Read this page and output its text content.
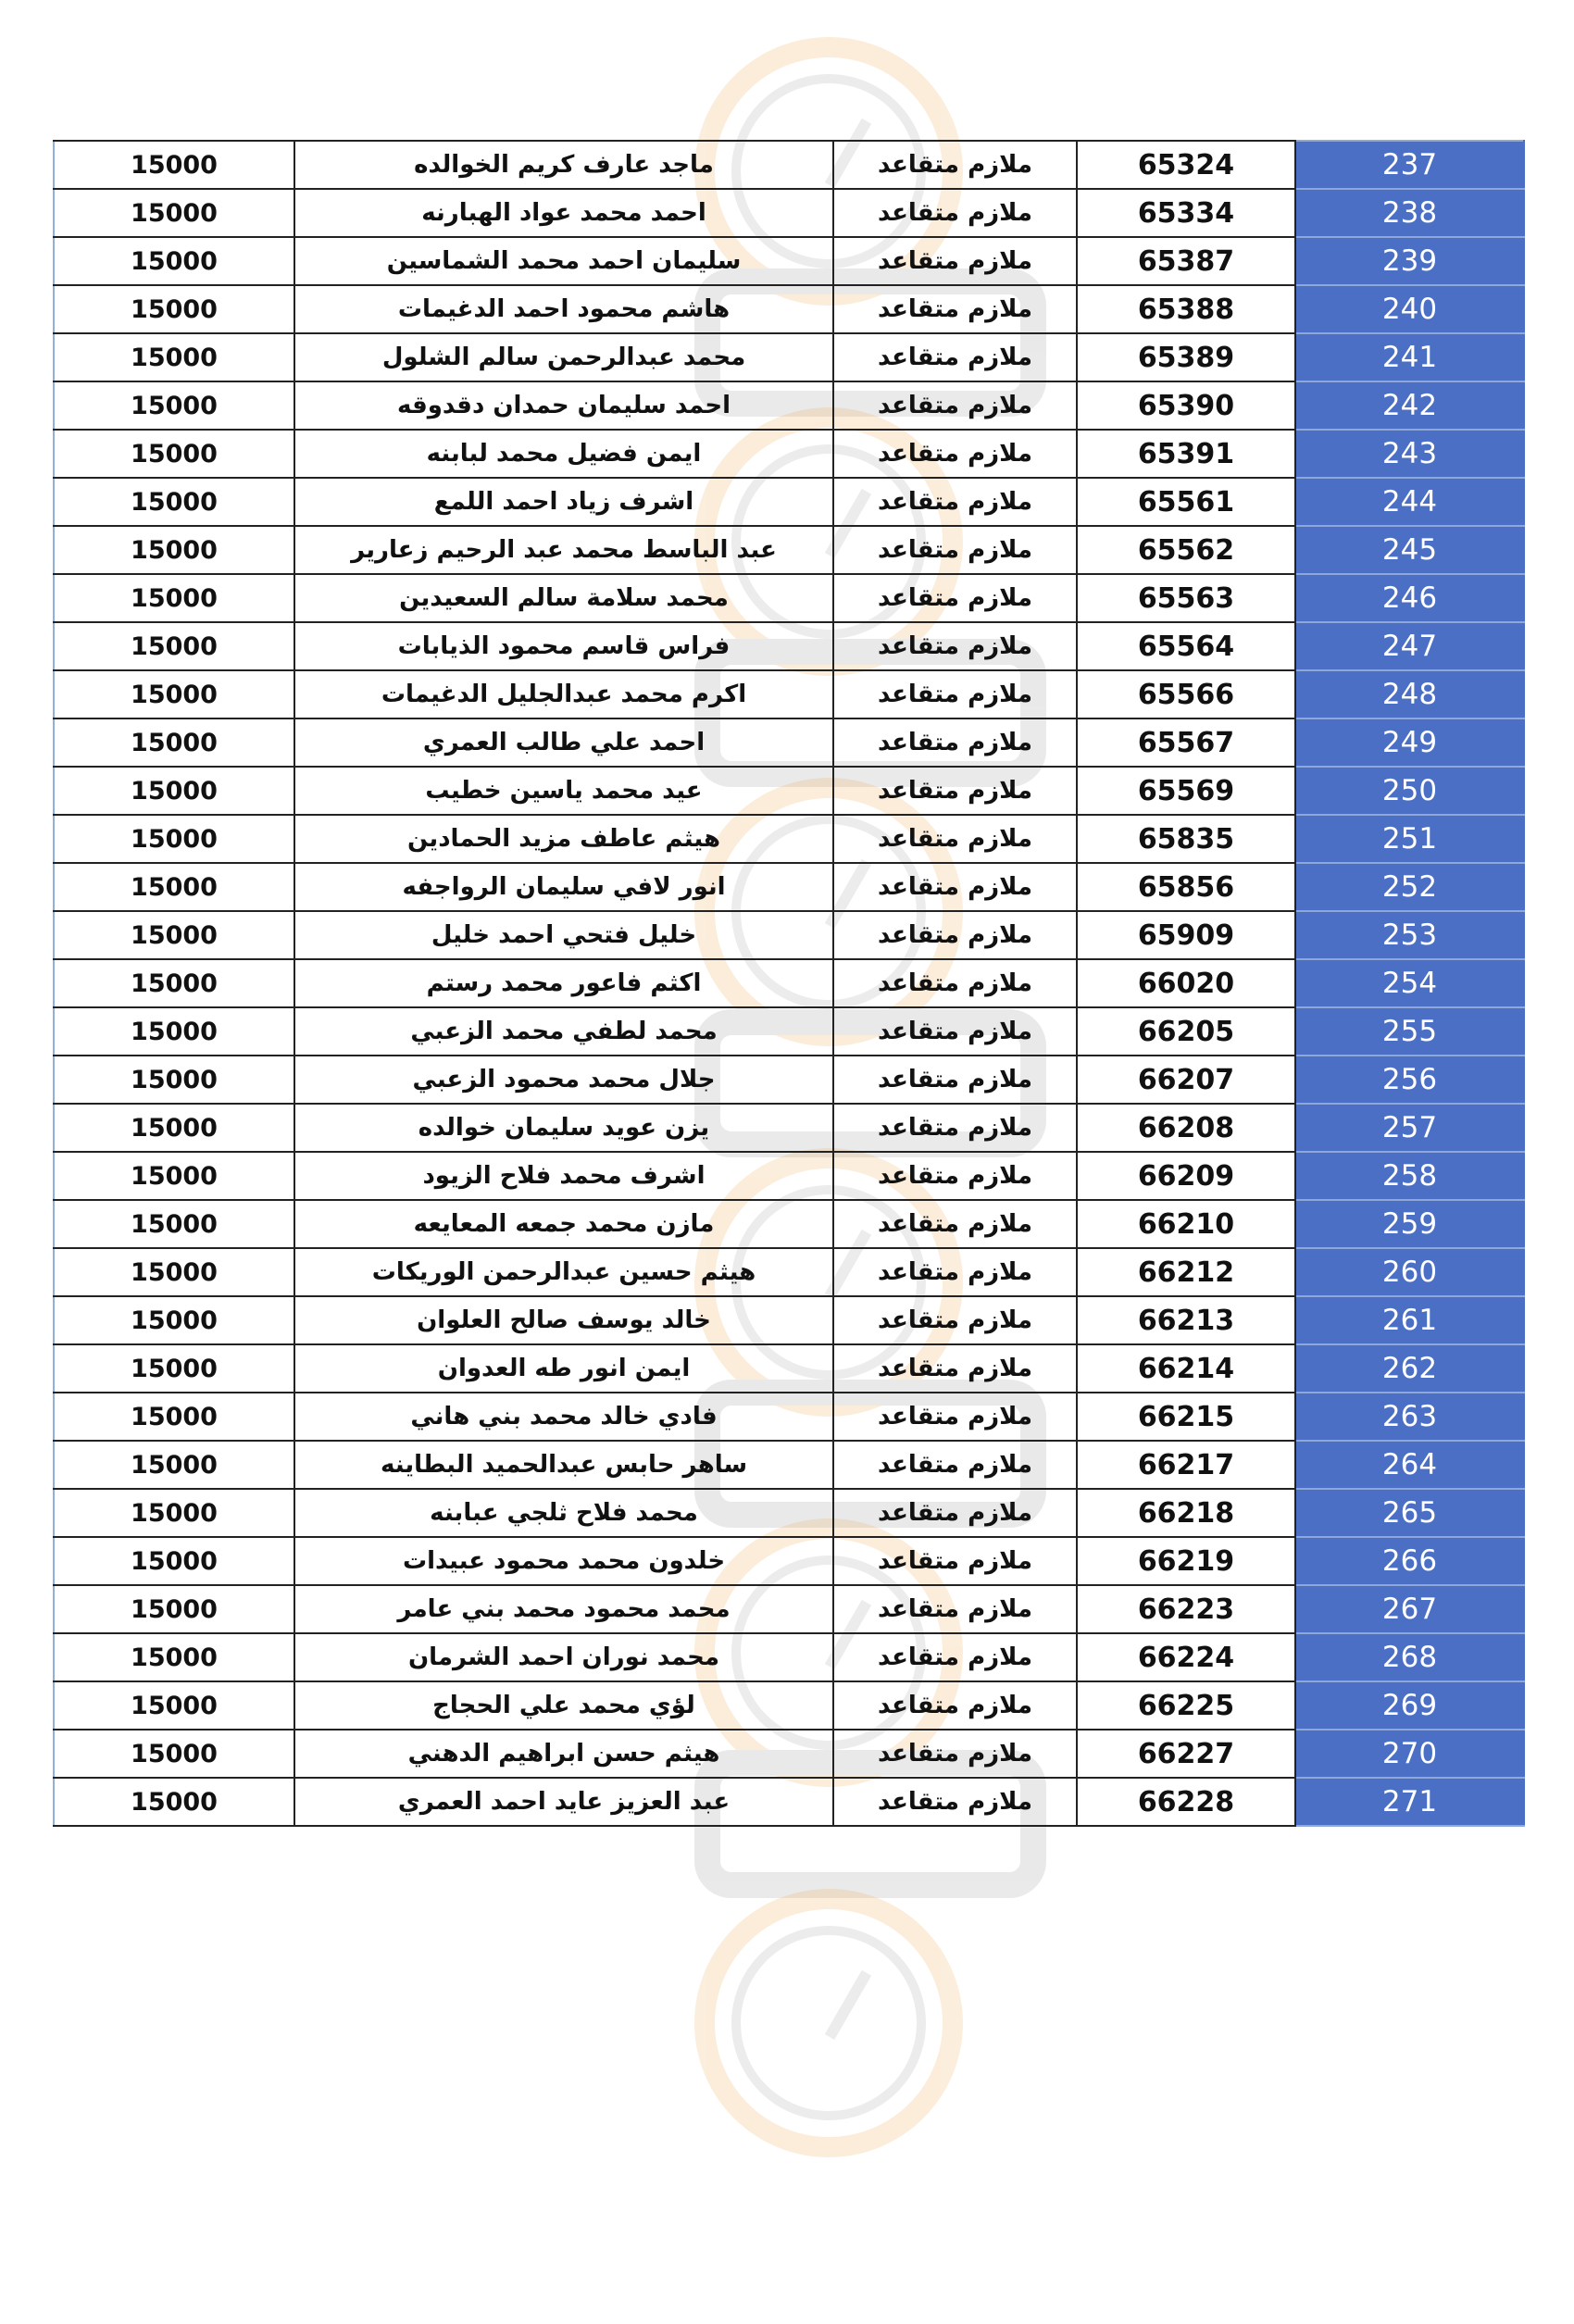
15000	ماجد عارف كريم الخوالده	ملازم متقاعد	65324	237
15000	احمد محمد عواد الهبارنه	ملازم متقاعد	65334	238
15000	سليمان احمد محمد الشماسين	ملازم متقاعد	65387	239
15000	هاشم محمود احمد الدغيمات	ملازم متقاعد	65388	240
15000	محمد عبدالرحمن سالم الشلول	ملازم متقاعد	65389	241
15000	احمد سليمان حمدان دقدوقه	ملازم متقاعد	65390	242
15000	ايمن فضيل محمد لبابنه	ملازم متقاعد	65391	243
15000	اشرف زياد احمد اللمع	ملازم متقاعد	65561	244
15000	عبد الباسط محمد عبد الرحيم زعارير	ملازم متقاعد	65562	245
15000	محمد سلامة سالم السعيدين	ملازم متقاعد	65563	246
15000	فراس قاسم محمود الذيابات	ملازم متقاعد	65564	247
15000	اكرم محمد عبدالجليل الدغيمات	ملازم متقاعد	65566	248
15000	احمد علي طالب العمري	ملازم متقاعد	65567	249
15000	عيد محمد ياسين خطيب	ملازم متقاعد	65569	250
15000	هيثم عاطف مزيد الحمادين	ملازم متقاعد	65835	251
15000	انور لافي سليمان الرواجفه	ملازم متقاعد	65856	252
15000	خليل فتحي احمد خليل	ملازم متقاعد	65909	253
15000	اكثم فاعور محمد رستم	ملازم متقاعد	66020	254
15000	محمد لطفي محمد الزعبي	ملازم متقاعد	66205	255
15000	جلال محمد محمود الزعبي	ملازم متقاعد	66207	256
15000	يزن عويد سليمان خوالده	ملازم متقاعد	66208	257
15000	اشرف محمد فلاح الزيود	ملازم متقاعد	66209	258
15000	مازن محمد جمعه المعايعه	ملازم متقاعد	66210	259
15000	هيثم حسين عبدالرحمن الوريكات	ملازم متقاعد	66212	260
15000	خالد يوسف صالح العلوان	ملازم متقاعد	66213	261
15000	ايمن انور طه العدوان	ملازم متقاعد	66214	262
15000	فادي خالد محمد بني هاني	ملازم متقاعد	66215	263
15000	ساهر حابس عبدالحميد البطاينه	ملازم متقاعد	66217	264
15000	محمد فلاح ثلجي عبابنه	ملازم متقاعد	66218	265
15000	خلدون محمد محمود عبيدات	ملازم متقاعد	66219	266
15000	محمد محمود محمد بني عامر	ملازم متقاعد	66223	267
15000	محمد نوران احمد الشرمان	ملازم متقاعد	66224	268
15000	لؤي محمد علي الحجاج	ملازم متقاعد	66225	269
15000	هيثم حسن ابراهيم الدهني	ملازم متقاعد	66227	270
15000	عبد العزيز عايد احمد العمري	ملازم متقاعد	66228	271
